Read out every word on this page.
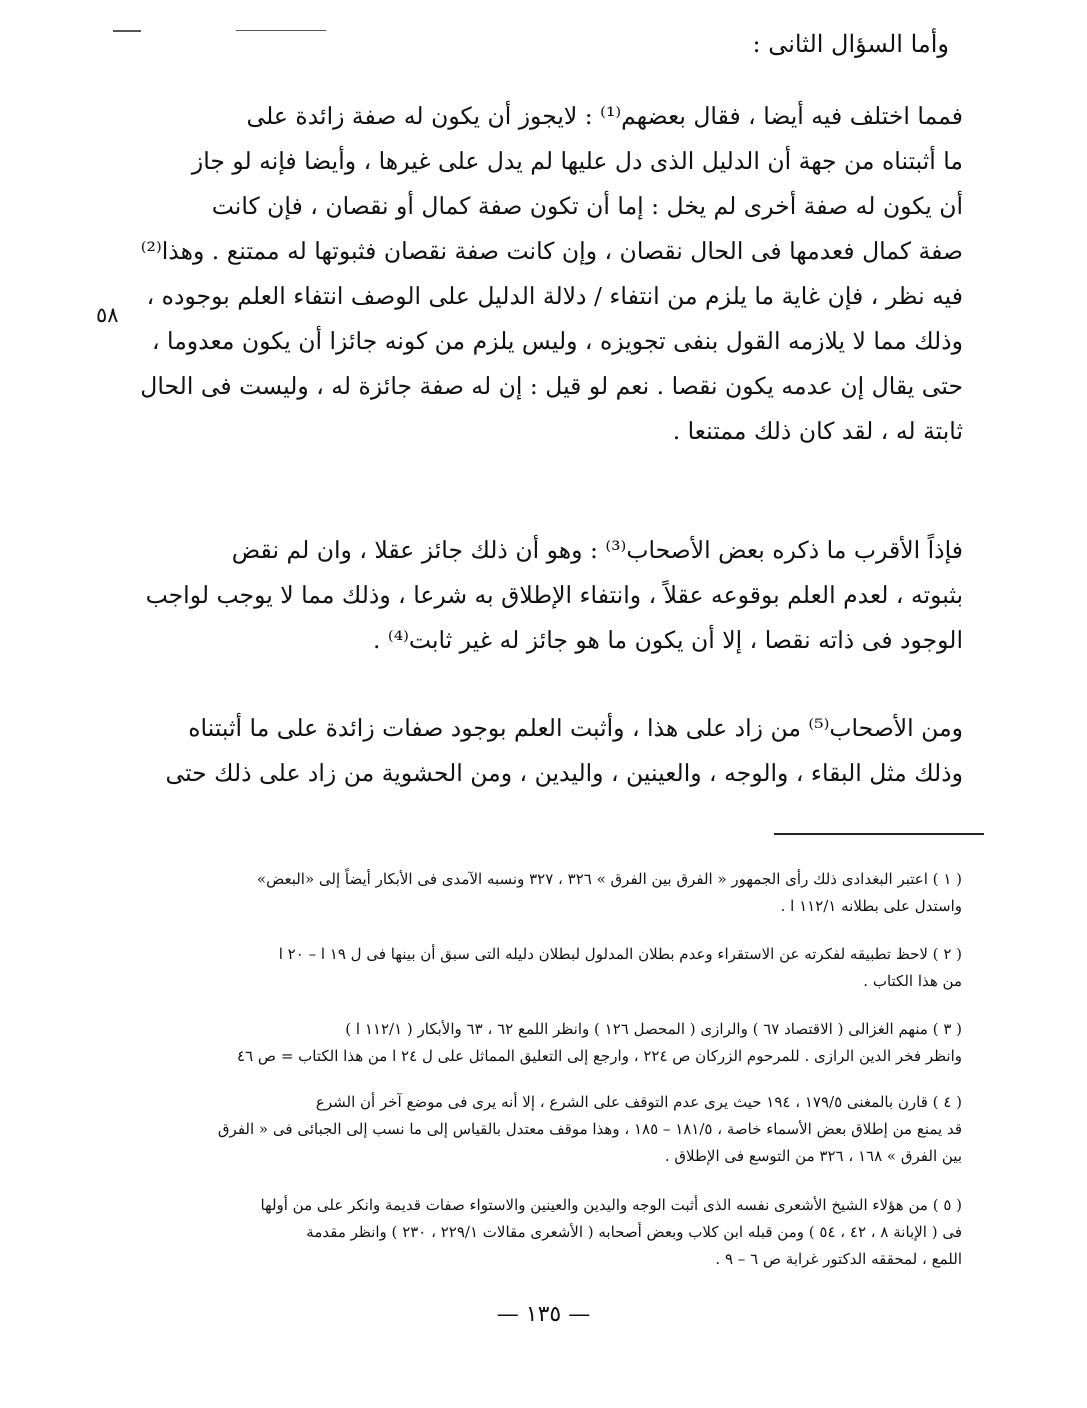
وأما السؤال الثانى :
٥٨
فمما اختلف فيه أيضا ، فقال بعضهم⁽¹⁾ : لايجوز أن يكون له صفة زائدة على
ما أثبتناه من جهة أن الدليل الذى دل عليها لم يدل على غيرها ، وأيضا فإنه لو جاز
أن يكون له صفة أخرى لم يخل : إما أن تكون صفة كمال أو نقصان ، فإن كانت
صفة كمال فعدمها فى الحال نقصان ، وإن كانت صفة نقصان فثبوتها له ممتنع . وهذا⁽²⁾
فيه نظر ، فإن غاية ما يلزم من انتفاء / دلالة الدليل على الوصف انتفاء العلم بوجوده ،
وذلك مما لا يلازمه القول بنفى تجويزه ، وليس يلزم من كونه جائزا أن يكون معدوما ،
حتى يقال إن عدمه يكون نقصا . نعم لو قيل : إن له صفة جائزة له ، وليست فى الحال
ثابتة له ، لقد كان ذلك ممتنعا .
فإذاً الأقرب ما ذكره بعض الأصحاب⁽³⁾ : وهو أن ذلك جائز عقلا ، وان لم نقض
بثبوته ، لعدم العلم بوقوعه عقلاً ، وانتفاء الإطلاق به شرعا ، وذلك مما لا يوجب لواجب
الوجود فى ذاته نقصا ، إلا أن يكون ما هو جائز له غير ثابت⁽⁴⁾ .
ومن الأصحاب⁽⁵⁾ من زاد على هذا ، وأثبت العلم بوجود صفات زائدة على ما أثبتناه
وذلك مثل البقاء ، والوجه ، والعينين ، واليدين ، ومن الحشوية من زاد على ذلك حتى
( ١ ) اعتبر البغدادى ذلك رأى الجمهور « الفرق بين الفرق » ٣٢٦ ، ٣٢٧ ونسبه الآمدى فى الأبكار أيضاً إلى «البعض»
واستدل على بطلانه ١١٢/١ ا .
( ٢ ) لاحظ تطبيقه لفكرته عن الاستقراء وعدم بطلان المدلول لبطلان دليله التى سبق أن بينها فى ل ١٩ ا – ٢٠ ا
من هذا الكتاب .
( ٣ ) منهم الغزالى ( الاقتصاد ٦٧ ) والرازى ( المحصل ١٢٦ ) وانظر اللمع ٦٢ ، ٦٣ والأبكار ( ١١٢/١ ا )
وانظر فخر الدين الرازى . للمرحوم الزركان ص ٢٢٤ ، وارجع إلى التعليق المماثل على ل ٢٤ ا من هذا الكتاب = ص ٤٦
( ٤ ) قارن بالمغنى ١٧٩/٥ ، ١٩٤ حيث يرى عدم التوقف على الشرع ، إلا أنه يرى فى موضع آخر أن الشرع
قد يمنع من إطلاق بعض الأسماء خاصة ، ١٨١/٥ – ١٨٥ ، وهذا موقف معتدل بالقياس إلى ما نسب إلى الجبائى فى « الفرق
بين الفرق » ١٦٨ ، ٣٢٦ من التوسع فى الإطلاق .
( ٥ ) من هؤلاء الشيخ الأشعرى نفسه الذى أثبت الوجه واليدين والعينين والاستواء صفات قديمة وانكر على من أولها
فى ( الإبانة ٨ ، ٤٢ ، ٥٤ ) ومن قبله ابن كلاب وبعض أصحابه ( الأشعرى مقالات ٢٢٩/١ ، ٢٣٠ ) وانظر مقدمة
اللمع ، لمحققه الدكتور غرابة ص ٦ – ٩ .
— ١٣٥ —
